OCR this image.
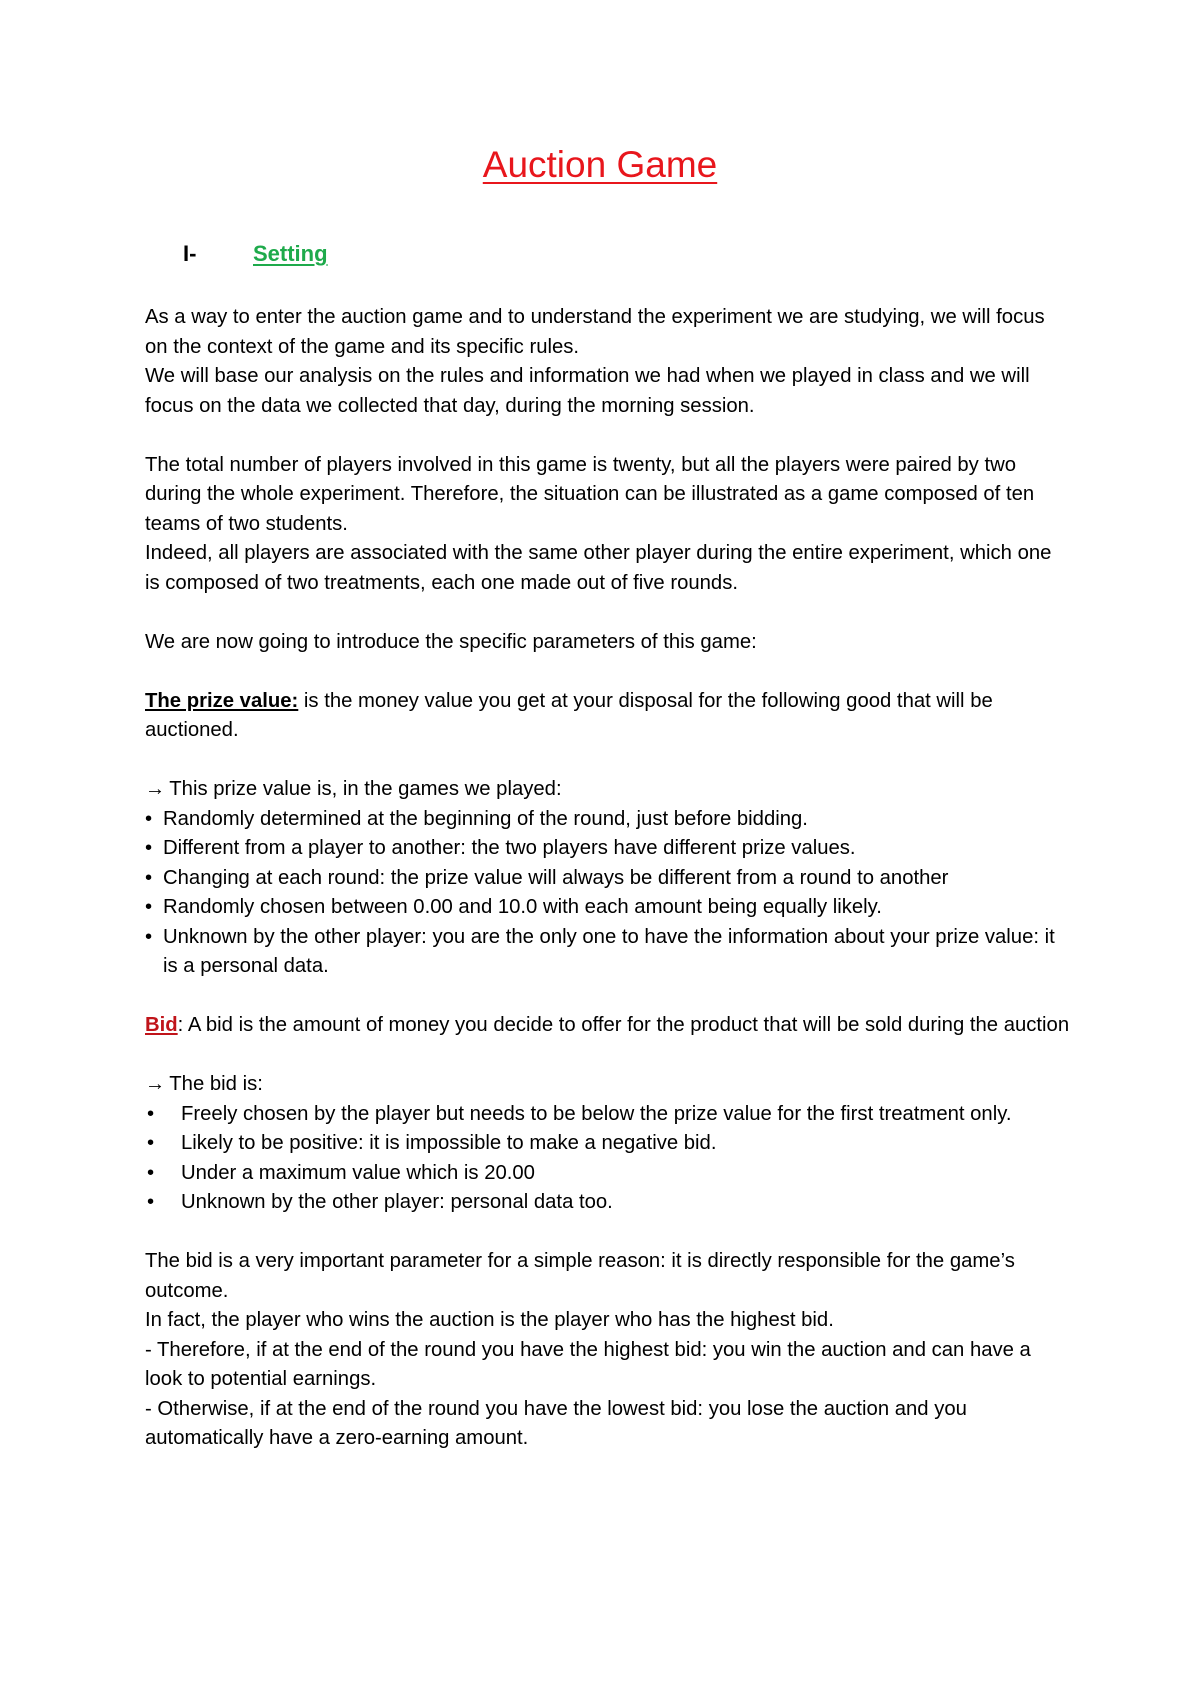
Auction Game
I-	Setting

As a way to enter the auction game and to understand the experiment we are studying, we will focus on the context of the game and its specific rules.

We will base our analysis on the rules and information we had when we played in class and we will focus on the data we collected that day, during the morning session.

The total number of players involved in this game is twenty, but all the players were paired by two during the whole experiment. Therefore, the situation can be illustrated as a game composed of ten teams of two students.

Indeed, all players are associated with the same other player during the entire experiment, which one is composed of two treatments, each one made out of five rounds.

We are now going to introduce the specific parameters of this game:

The prize value: is the money value you get at your disposal for the following good that will be auctioned.

→ This prize value is, in the games we played:

• Randomly determined at the beginning of the round, just before bidding.
• Different from a player to another: the two players have different prize values.
• Changing at each round: the prize value will always be different from a round to another
• Randomly chosen between 0.00 and 10.0 with each amount being equally likely.
• Unknown by the other player: you are the only one to have the information about your prize value: it is a personal data.

Bid: A bid is the amount of money you decide to offer for the product that will be sold during the auction

→ The bid is:

• Freely chosen by the player but needs to be below the prize value for the first treatment only.
• Likely to be positive: it is impossible to make a negative bid.
• Under a maximum value which is 20.00
• Unknown by the other player: personal data too.

The bid is a very important parameter for a simple reason: it is directly responsible for the game’s outcome.

In fact, the player who wins the auction is the player who has the highest bid.

- Therefore, if at the end of the round you have the highest bid: you win the auction and can have a look to potential earnings.

- Otherwise, if at the end of the round you have the lowest bid: you lose the auction and you automatically have a zero-earning amount.
